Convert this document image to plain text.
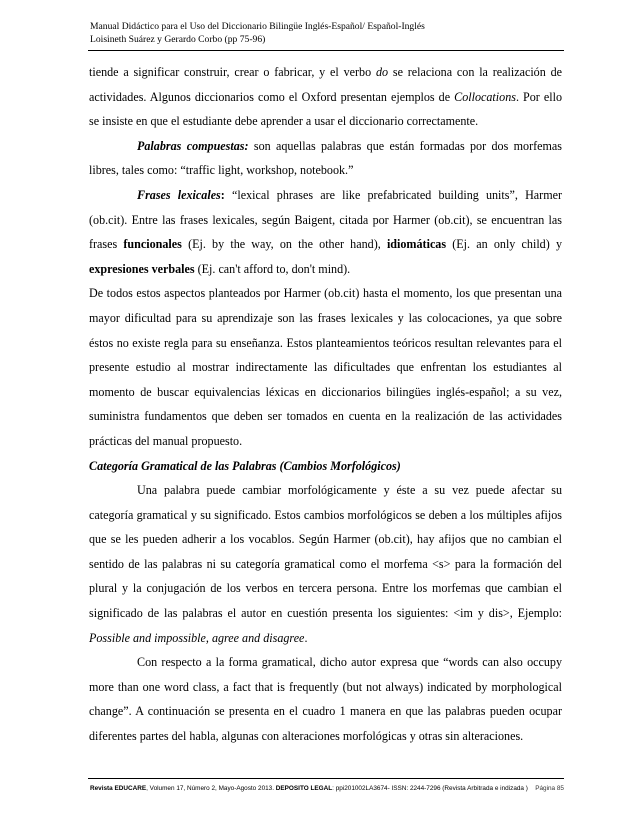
Manual Didáctico para el Uso del Diccionario Bilingüe Inglés-Español/ Español-Inglés
Loisineth Suárez y Gerardo Corbo (pp 75-96)

tiende a significar construir, crear o fabricar, y el verbo do se relaciona con la realización de actividades. Algunos diccionarios como el Oxford presentan ejemplos de Collocations. Por ello se insiste en que el estudiante debe aprender a usar el diccionario correctamente.

Palabras compuestas: son aquellas palabras que están formadas por dos morfemas libres, tales como: “traffic light, workshop, notebook.”

Frases lexicales: “lexical phrases are like prefabricated building units”, Harmer (ob.cit). Entre las frases lexicales, según Baigent, citada por Harmer (ob.cit), se encuentran las frases funcionales (Ej. by the way, on the other hand), idiomáticas (Ej. an only child) y expresiones verbales (Ej. can't afford to, don't mind).

De todos estos aspectos planteados por Harmer (ob.cit) hasta el momento, los que presentan una mayor dificultad para su aprendizaje son las frases lexicales y las colocaciones, ya que sobre éstos no existe regla para su enseñanza. Estos planteamientos teóricos resultan relevantes para el presente estudio al mostrar indirectamente las dificultades que enfrentan los estudiantes al momento de buscar equivalencias léxicas en diccionarios bilingües inglés-español; a su vez, suministra fundamentos que deben ser tomados en cuenta en la realización de las actividades prácticas del manual propuesto.

Categoría Gramatical de las Palabras (Cambios Morfológicos)

Una palabra puede cambiar morfológicamente y éste a su vez puede afectar su categoría gramatical y su significado. Estos cambios morfológicos se deben a los múltiples afijos que se les pueden adherir a los vocablos. Según Harmer (ob.cit), hay afijos que no cambian el sentido de las palabras ni su categoría gramatical como el morfema <s> para la formación del plural y la conjugación de los verbos en tercera persona. Entre los morfemas que cambian el significado de las palabras el autor en cuestión presenta los siguientes: <im y dis>, Ejemplo: Possible and impossible, agree and disagree.

Con respecto a la forma gramatical, dicho autor expresa que “words can also occupy more than one word class, a fact that is frequently (but not always) indicated by morphological change”. A continuación se presenta en el cuadro 1 manera en que las palabras pueden ocupar diferentes partes del habla, algunas con alteraciones morfológicas y otras sin alteraciones.

Revista EDUCARE, Volumen 17, Número 2, Mayo-Agosto 2013. DEPOSITO LEGAL: ppi201002LA3674- ISSN: 2244-7296 (Revista Arbitrada e indizada ) Página 85
